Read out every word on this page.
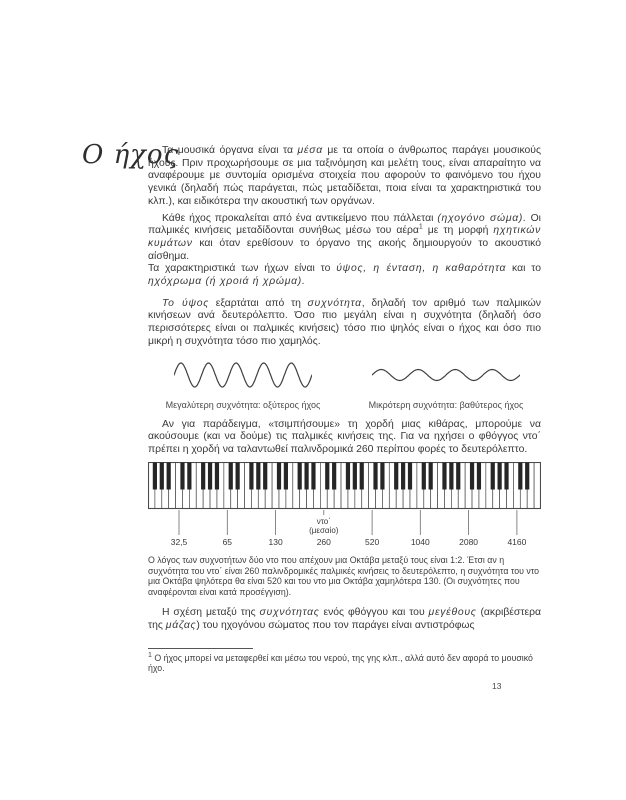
Ο ήχος

Τα μουσικά όργανα είναι τα μέσα με τα οποία ο άνθρωπος παράγει μουσικούς ήχους. Πριν προχωρήσουμε σε μια ταξινόμηση και μελέτη τους, είναι απαραίτητο να αναφέρουμε με συντομία ορισμένα στοιχεία που αφορούν το φαινόμενο του ήχου γενικά (δηλαδή πώς παράγεται, πώς μεταδίδεται, ποια είναι τα χαρακτηριστικά του κλπ.), και ειδικότερα την ακουστική των οργάνων.

Κάθε ήχος προκαλείται από ένα αντικείμενο που πάλλεται (ηχογόνο σώμα). Οι παλμικές κινήσεις μεταδίδονται συνήθως μέσω του αέρα$^1$ με τη μορφή ηχητικών κυμάτων και όταν ερεθίσουν το όργανο της ακοής δημιουργούν το ακουστικό αίσθημα.

Τα χαρακτηριστικά των ήχων είναι το ύψος, η ένταση, η καθαρότητα και το ηχόχρωμα (ή χροιά ή χρώμα).

Το ύψος εξαρτάται από τη συχνότητα, δηλαδή τον αριθμό των παλμικών κινήσεων ανά δευτερόλεπτο. Όσο πιο μεγάλη είναι η συχνότητα (δηλαδή όσο περισσότερες είναι οι παλμικές κινήσεις) τόσο πιο ψηλός είναι ο ήχος και όσο πιο μικρή η συχνότητα τόσο πιο χαμηλός.

Μεγαλύτερη συχνότητα: οξύτερος ήχος	Μικρότερη συχνότητα: βαθύτερος ήχος

Αν για παράδειγμα, «τσιμπήσουμε» τη χορδή μιας κιθάρας, μπορούμε να ακούσουμε (και να δούμε) τις παλμικές κινήσεις της. Για να ηχήσει ο φθόγγος ντο΄ πρέπει η χορδή να ταλαντωθεί παλινδρομικά 260 περίπου φορές το δευτερόλεπτο.

32,5	65	130
ντο΄
(μεσαίο)
260	520	1040	2080	4160
Ο λόγος των συχνοτήτων δύο ντο που απέχουν μια Οκτάβα μεταξύ τους είναι 1:2. Έτσι αν η συχνότητα του ντο΄ είναι 260 παλινδρομικές παλμικές κινήσεις το δευτερόλεπτο, η συχνότητα του ντο μια Οκτάβα ψηλότερα θα είναι 520 και του ντο μια Οκτάβα χαμηλότερα 130. (Οι συχνότητες που αναφέρονται είναι κατά προσέγγιση).

Η σχέση μεταξύ της συχνότητας ενός φθόγγου και του μεγέθους (ακριβέστερα της μάζας) του ηχογόνου σώματος που τον παράγει είναι αντιστρόφως

$^1$ Ο ήχος μπορεί να μεταφερθεί και μέσω του νερού, της γης κλπ., αλλά αυτό δεν αφορά το μουσικό ήχο.
13
